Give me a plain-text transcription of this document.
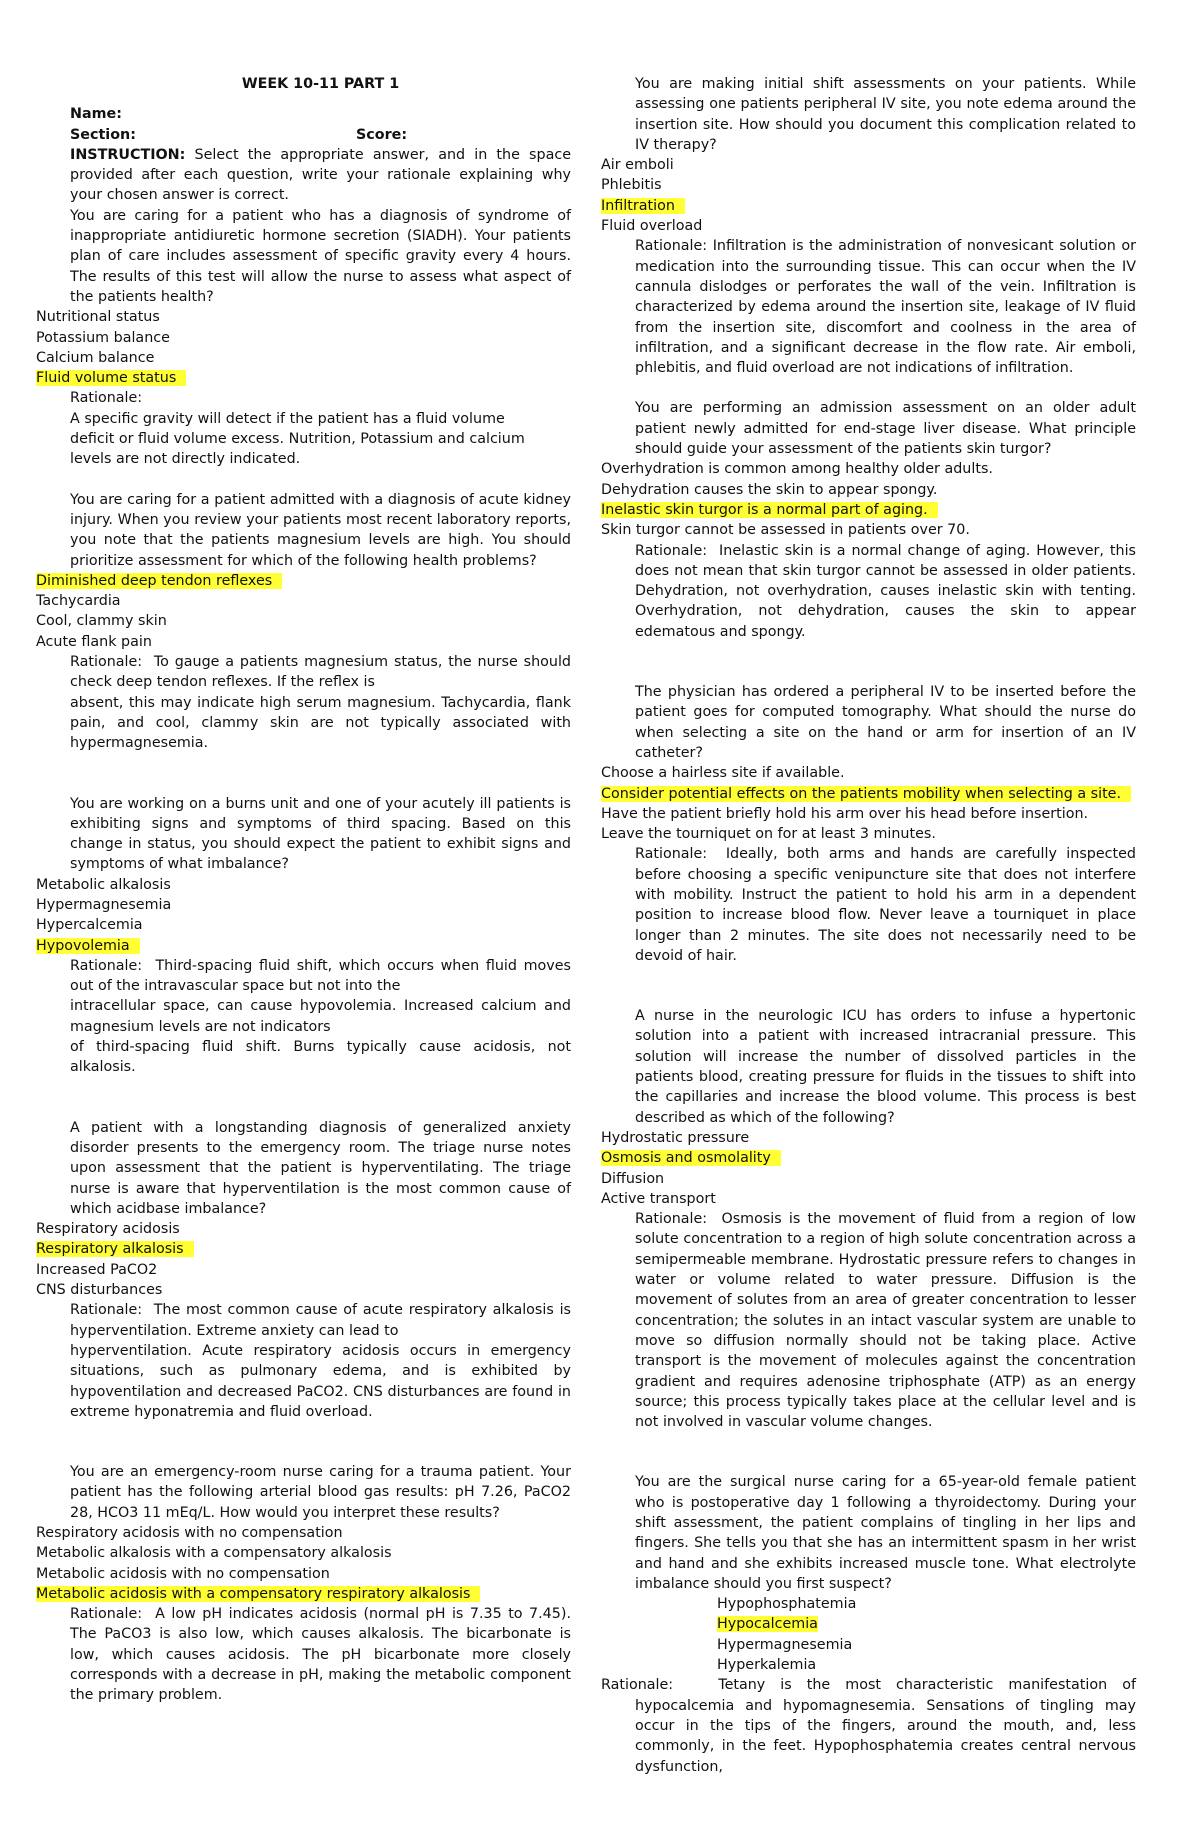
WEEK 10-11 PART 1
Name:
Section:	Score:
INSTRUCTION: Select the appropriate answer, and in the space provided after each question, write your rationale explaining why your chosen answer is correct.
You are caring for a patient who has a diagnosis of syndrome of inappropriate antidiuretic hormone secretion (SIADH). Your patients plan of care includes assessment of specific gravity every 4 hours. The results of this test will allow the nurse to assess what aspect of the patients health?
Nutritional status
Potassium balance
Calcium balance
Fluid volume status
Rationale:
A specific gravity will detect if the patient has a fluid volume deficit or fluid volume excess. Nutrition, Potassium and calcium levels are not directly indicated.
You are caring for a patient admitted with a diagnosis of acute kidney injury. When you review your patients most recent laboratory reports, you note that the patients magnesium levels are high. You should prioritize assessment for which of the following health problems?
Diminished deep tendon reflexes
Tachycardia
Cool, clammy skin
Acute flank pain
Rationale: To gauge a patients magnesium status, the nurse should check deep tendon reflexes. If the reflex is
absent, this may indicate high serum magnesium. Tachycardia, flank pain, and cool, clammy skin are not typically associated with hypermagnesemia.
You are working on a burns unit and one of your acutely ill patients is exhibiting signs and symptoms of third spacing. Based on this change in status, you should expect the patient to exhibit signs and symptoms of what imbalance?
Metabolic alkalosis
Hypermagnesemia
Hypercalcemia
Hypovolemia
Rationale: Third-spacing fluid shift, which occurs when fluid moves out of the intravascular space but not into the
intracellular space, can cause hypovolemia. Increased calcium and magnesium levels are not indicators
of third-spacing fluid shift. Burns typically cause acidosis, not alkalosis.
A patient with a longstanding diagnosis of generalized anxiety disorder presents to the emergency room. The triage nurse notes upon assessment that the patient is hyperventilating. The triage nurse is aware that hyperventilation is the most common cause of which acidbase imbalance?
Respiratory acidosis
Respiratory alkalosis
Increased PaCO2
CNS disturbances
Rationale: The most common cause of acute respiratory alkalosis is hyperventilation. Extreme anxiety can lead to
hyperventilation. Acute respiratory acidosis occurs in emergency situations, such as pulmonary edema, and is exhibited by hypoventilation and decreased PaCO2. CNS disturbances are found in extreme hyponatremia and fluid overload.
You are an emergency-room nurse caring for a trauma patient. Your patient has the following arterial blood gas results: pH 7.26, PaCO2 28, HCO3 11 mEq/L. How would you interpret these results?
Respiratory acidosis with no compensation
Metabolic alkalosis with a compensatory alkalosis
Metabolic acidosis with no compensation
Metabolic acidosis with a compensatory respiratory alkalosis
Rationale: A low pH indicates acidosis (normal pH is 7.35 to 7.45). The PaCO3 is also low, which causes alkalosis. The bicarbonate is low, which causes acidosis. The pH bicarbonate more closely corresponds with a decrease in pH, making the metabolic component the primary problem.
You are making initial shift assessments on your patients. While assessing one patients peripheral IV site, you note edema around the insertion site. How should you document this complication related to IV therapy?
Air emboli
Phlebitis
Infiltration
Fluid overload
Rationale: Infiltration is the administration of nonvesicant solution or medication into the surrounding tissue. This can occur when the IV cannula dislodges or perforates the wall of the vein. Infiltration is characterized by edema around the insertion site, leakage of IV fluid from the insertion site, discomfort and coolness in the area of infiltration, and a significant decrease in the flow rate. Air emboli, phlebitis, and fluid overload are not indications of infiltration.
You are performing an admission assessment on an older adult patient newly admitted for end-stage liver disease. What principle should guide your assessment of the patients skin turgor?
Overhydration is common among healthy older adults.
Dehydration causes the skin to appear spongy.
Inelastic skin turgor is a normal part of aging.
Skin turgor cannot be assessed in patients over 70.
Rationale: Inelastic skin is a normal change of aging. However, this does not mean that skin turgor cannot be assessed in older patients. Dehydration, not overhydration, causes inelastic skin with tenting. Overhydration, not dehydration, causes the skin to appear edematous and spongy.
The physician has ordered a peripheral IV to be inserted before the patient goes for computed tomography. What should the nurse do when selecting a site on the hand or arm for insertion of an IV catheter?
Choose a hairless site if available.
Consider potential effects on the patients mobility when selecting a site.
Have the patient briefly hold his arm over his head before insertion.
Leave the tourniquet on for at least 3 minutes.
Rationale: Ideally, both arms and hands are carefully inspected before choosing a specific venipuncture site that does not interfere with mobility. Instruct the patient to hold his arm in a dependent position to increase blood flow. Never leave a tourniquet in place longer than 2 minutes. The site does not necessarily need to be devoid of hair.
A nurse in the neurologic ICU has orders to infuse a hypertonic solution into a patient with increased intracranial pressure. This solution will increase the number of dissolved particles in the patients blood, creating pressure for fluids in the tissues to shift into the capillaries and increase the blood volume. This process is best described as which of the following?
Hydrostatic pressure
Osmosis and osmolality
Diffusion
Active transport
Rationale: Osmosis is the movement of fluid from a region of low solute concentration to a region of high solute concentration across a semipermeable membrane. Hydrostatic pressure refers to changes in water or volume related to water pressure. Diffusion is the movement of solutes from an area of greater concentration to lesser concentration; the solutes in an intact vascular system are unable to move so diffusion normally should not be taking place. Active transport is the movement of molecules against the concentration gradient and requires adenosine triphosphate (ATP) as an energy source; this process typically takes place at the cellular level and is not involved in vascular volume changes.
You are the surgical nurse caring for a 65-year-old female patient who is postoperative day 1 following a thyroidectomy. During your shift assessment, the patient complains of tingling in her lips and fingers. She tells you that she has an intermittent spasm in her wrist and hand and she exhibits increased muscle tone. What electrolyte imbalance should you first suspect?
Hypophosphatemia
Hypocalcemia
Hypermagnesemia
Hyperkalemia
Rationale:	Tetany is the most characteristic manifestation of hypocalcemia and hypomagnesemia. Sensations of tingling may occur in the tips of the fingers, around the mouth, and, less commonly, in the feet. Hypophosphatemia creates central nervous dysfunction,
